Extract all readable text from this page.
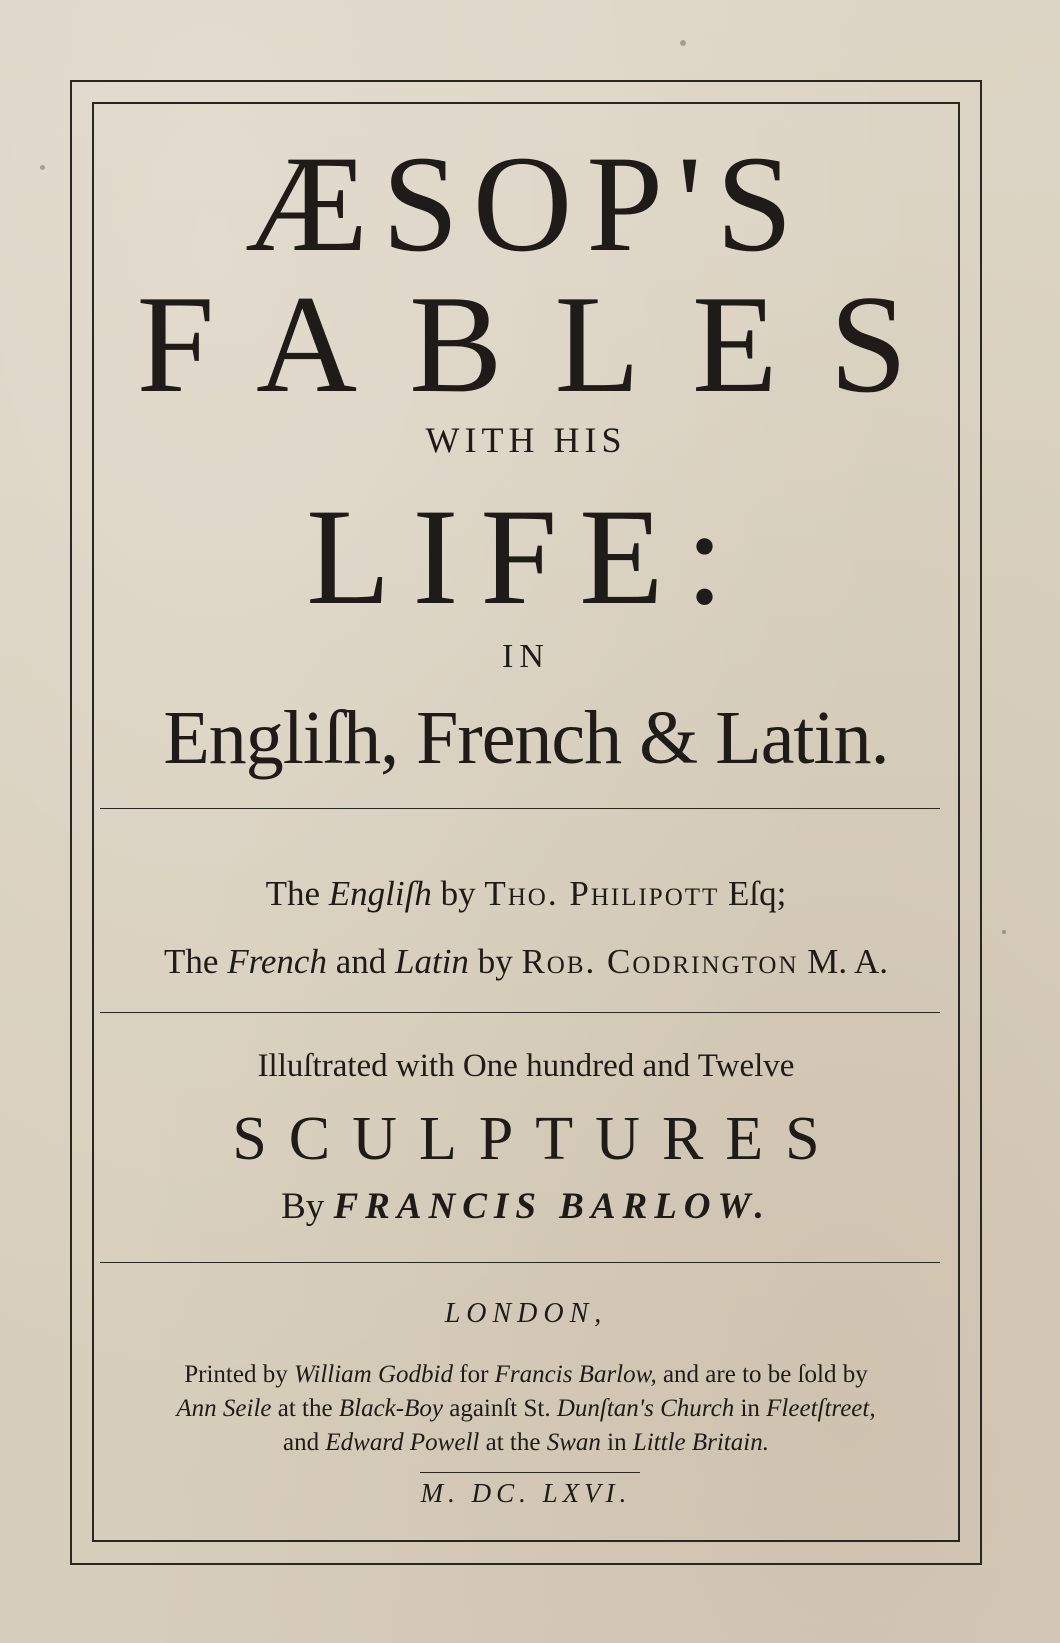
ÆSOP'S
FABLES
WITH HIS
LIFE:
IN
Engliſh, French & Latin.
The Engliſh by Tho. Philipott Eſq;
The French and Latin by Rob. Codrington M. A.
Illuſtrated with One hundred and Twelve
SCULPTURES
By FRANCIS BARLOW.
LONDON,
Printed by William Godbid for Francis Barlow, and are to be ſold by
Ann Seile at the Black-Boy againſt St. Dunſtan's Church in Fleetſtreet,
and Edward Powell at the Swan in Little Britain.
M. DC. LXVI.
